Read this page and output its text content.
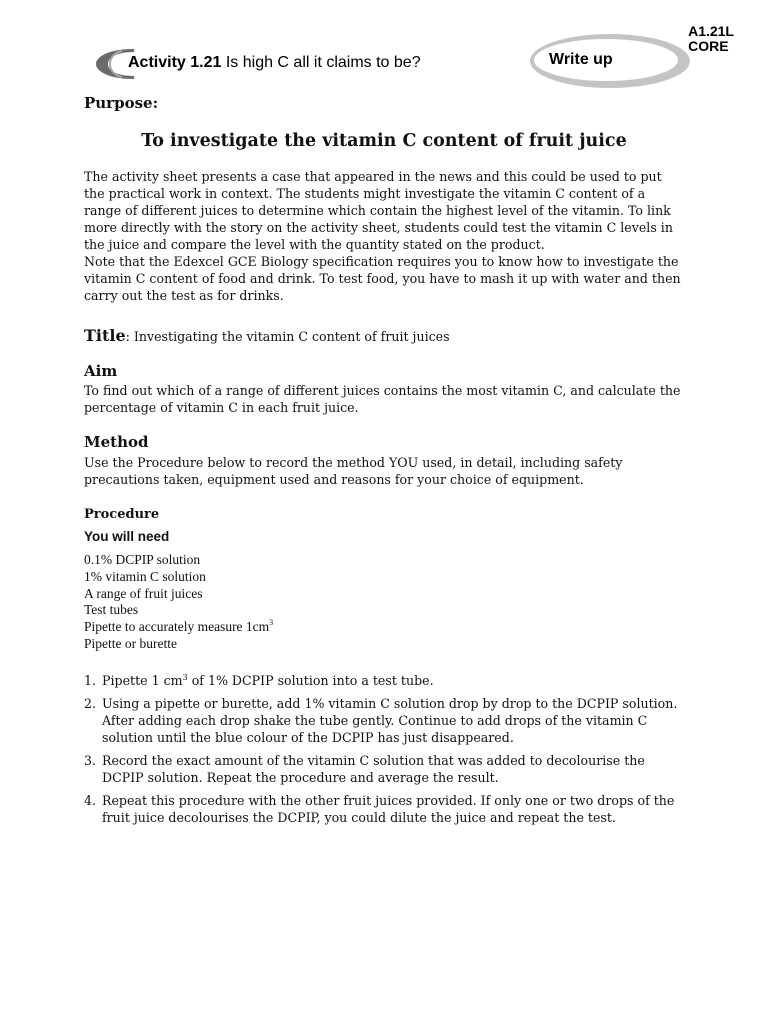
A1.21L
CORE
Activity 1.21 Is high C all it claims to be?	Write up
Purpose:
To investigate the vitamin C content of fruit juice

The activity sheet presents a case that appeared in the news and this could be used to put the practical work in context. The students might investigate the vitamin C content of a range of different juices to determine which contain the highest level of the vitamin. To link more directly with the story on the activity sheet, students could test the vitamin C levels in the juice and compare the level with the quantity stated on the product.

Note that the Edexcel GCE Biology specification requires you to know how to investigate the vitamin C content of food and drink. To test food, you have to mash it up with water and then carry out the test as for drinks.

Title: Investigating the vitamin C content of fruit juices
Aim
To find out which of a range of different juices contains the most vitamin C, and calculate the percentage of vitamin C in each fruit juice.
Method
Use the Procedure below to record the method YOU used, in detail, including safety precautions taken, equipment used and reasons for your choice of equipment.
Procedure
You will need
0.1% DCPIP solution
1% vitamin C solution
A range of fruit juices
Test tubes
Pipette to accurately measure $1cm^3$
Pipette or burette
1. Pipette 1 $cm^3$ of 1% DCPIP solution into a test tube.
2. Using a pipette or burette, add 1% vitamin C solution drop by drop to the DCPIP solution. After adding each drop shake the tube gently. Continue to add drops of the vitamin C solution until the blue colour of the DCPIP has just disappeared.
3. Record the exact amount of the vitamin C solution that was added to decolourise the DCPIP solution. Repeat the procedure and average the result.
4. Repeat this procedure with the other fruit juices provided. If only one or two drops of the fruit juice decolourises the DCPIP, you could dilute the juice and repeat the test.
